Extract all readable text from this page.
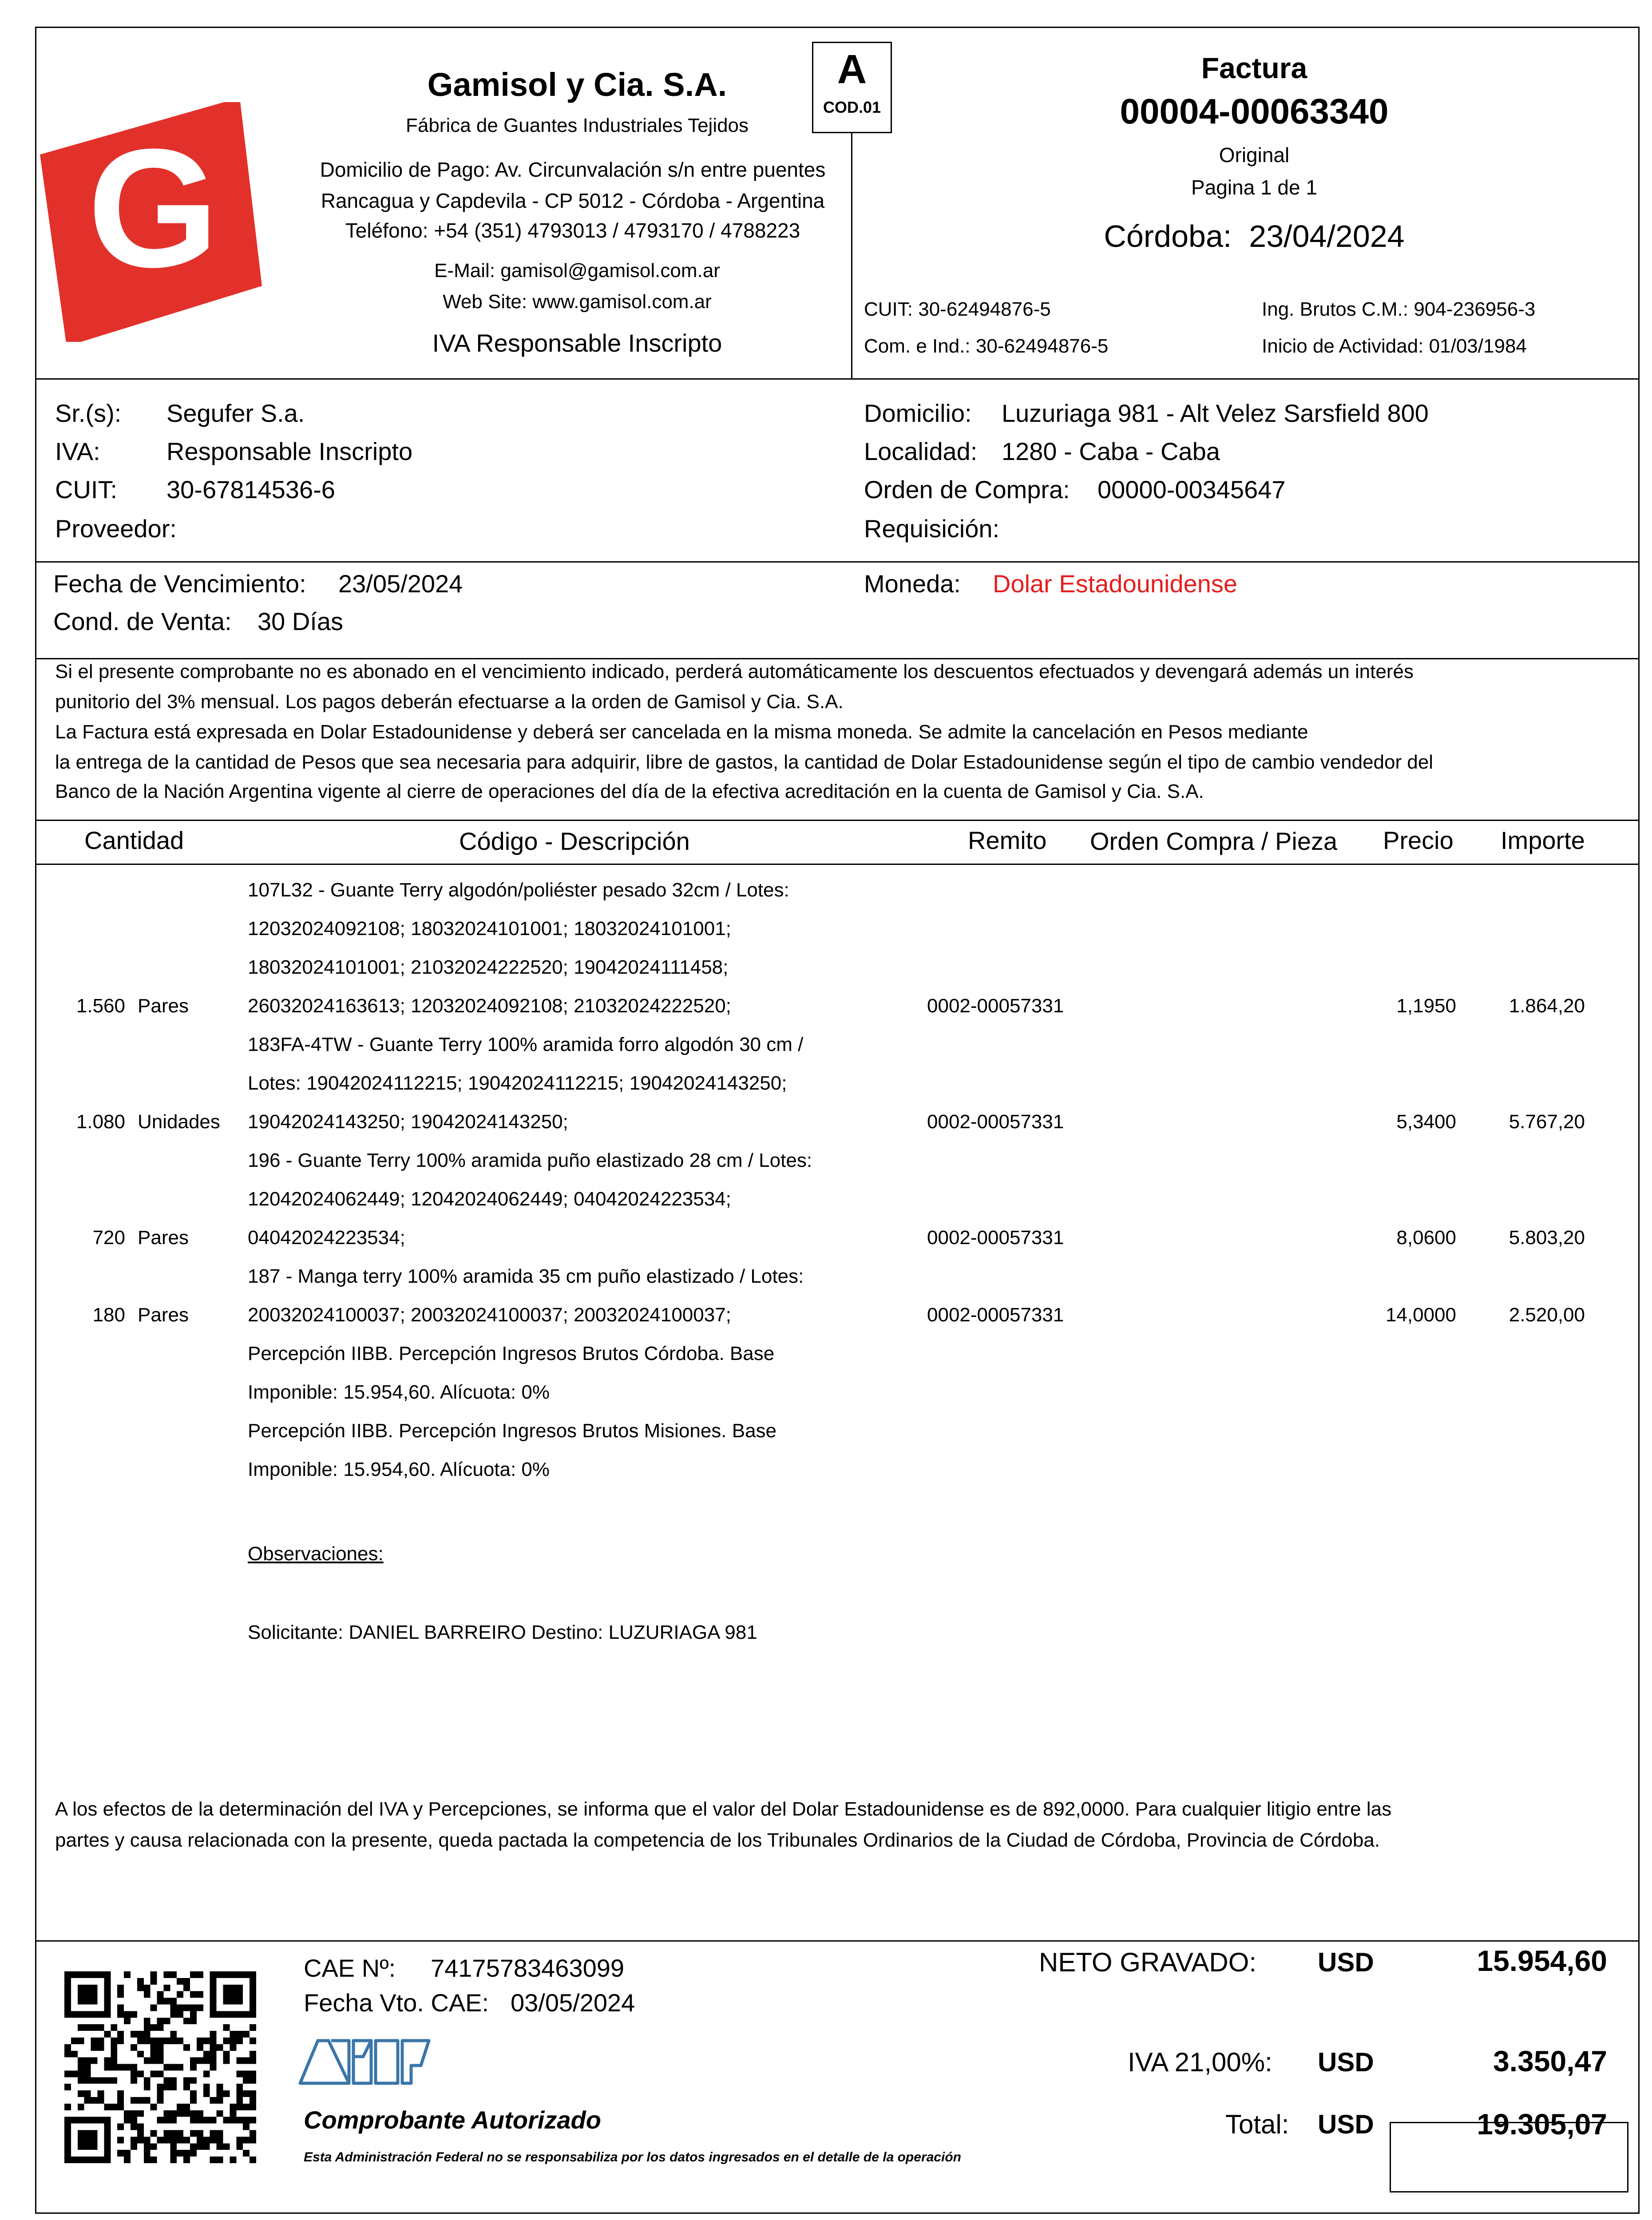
G
Gamisol y Cia. S.A.
Fábrica de Guantes Industriales Tejidos
Domicilio de Pago: Av. Circunvalación s/n entre puentes
Rancagua y Capdevila - CP 5012 - Córdoba - Argentina
Teléfono: +54 (351) 4793013 / 4793170 / 4788223
E-Mail: gamisol@gamisol.com.ar
Web Site: www.gamisol.com.ar
IVA Responsable Inscripto
A
COD.01
Factura
00004-00063340
Original
Pagina 1 de 1
Córdoba: 23/04/2024
CUIT: 30-62494876-5
Com. e Ind.: 30-62494876-5
Ing. Brutos C.M.: 904-236956-3
Inicio de Actividad: 01/03/1984
Sr.(s): Segufer S.a.
IVA:	Responsable Inscripto
CUIT: 30-67814536-6
Proveedor:
Domicilio: Luzuriaga 981 - Alt Velez Sarsfield 800
Localidad: 1280 - Caba - Caba
Orden de Compra: 00000-00345647
Requisición:
Fecha de Vencimiento: 23/05/2024
Cond. de Venta: 30 Días
Moneda: Dolar Estadounidense
Si el presente comprobante no es abonado en el vencimiento indicado, perderá automáticamente los descuentos efectuados y devengará además un interés
punitorio del 3% mensual. Los pagos deberán efectuarse a la orden de Gamisol y Cia. S.A.
La Factura está expresada en Dolar Estadounidense y deberá ser cancelada en la misma moneda. Se admite la cancelación en Pesos mediante
la entrega de la cantidad de Pesos que sea necesaria para adquirir, libre de gastos, la cantidad de Dolar Estadounidense según el tipo de cambio vendedor del
Banco de la Nación Argentina vigente al cierre de operaciones del día de la efectiva acreditación en la cuenta de Gamisol y Cia. S.A.
Cantidad	Código - Descripción	Remito Orden Compra / Pieza Precio Importe
107L32 - Guante Terry algodón/poliéster pesado 32cm / Lotes:
12032024092108; 18032024101001; 18032024101001;
18032024101001; 21032024222520; 19042024111458;
26032024163613; 12032024092108; 21032024222520;
1.560 Pares	0002-00057331	1,1950	1.864,20
183FA-4TW - Guante Terry 100% aramida forro algodón 30 cm /
Lotes: 19042024112215; 19042024112215; 19042024143250;
19042024143250; 19042024143250;
1.080 Unidades	0002-00057331	5,3400	5.767,20
196 - Guante Terry 100% aramida puño elastizado 28 cm / Lotes:
12042024062449; 12042024062449; 04042024223534;
04042024223534;
720 Pares	0002-00057331	8,0600	5.803,20
187 - Manga terry 100% aramida 35 cm puño elastizado / Lotes:
20032024100037; 20032024100037; 20032024100037;
180 Pares	0002-00057331	14,0000	2.520,00
Percepción IIBB. Percepción Ingresos Brutos Córdoba. Base
Imponible: 15.954,60. Alícuota: 0%
Percepción IIBB. Percepción Ingresos Brutos Misiones. Base
Imponible: 15.954,60. Alícuota: 0%
Observaciones:
Solicitante: DANIEL BARREIRO Destino: LUZURIAGA 981
A los efectos de la determinación del IVA y Percepciones, se informa que el valor del Dolar Estadounidense es de 892,0000. Para cualquier litigio entre las
partes y causa relacionada con la presente, queda pactada la competencia de los Tribunales Ordinarios de la Ciudad de Córdoba, Provincia de Córdoba.
CAE Nº: 74175783463099
Fecha Vto. CAE: 03/05/2024
Comprobante Autorizado
Esta Administración Federal no se responsabiliza por los datos ingresados en el detalle de la operación
NETO GRAVADO: USD	15.954,60
IVA 21,00%: USD	3.350,47
Total: USD	19.305,07
